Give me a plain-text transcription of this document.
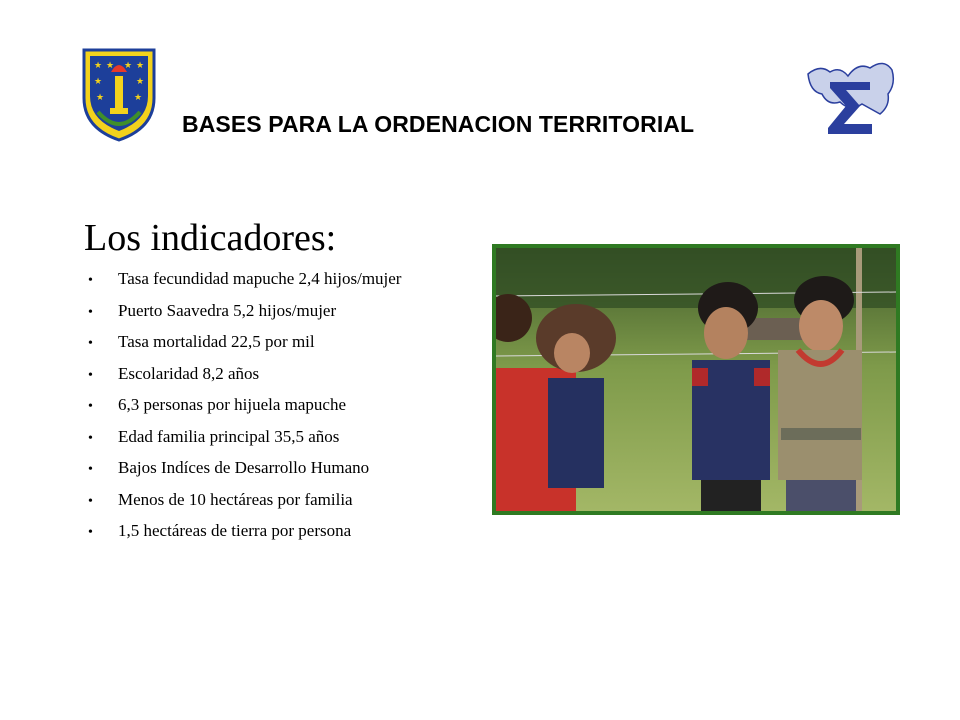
★	★
★	★
★	★
★ ★
BASES PARA LA ORDENACION TERRITORIAL
Los indicadores:
•	Tasa fecundidad mapuche 2,4 hijos/mujer
•	Puerto Saavedra 5,2 hijos/mujer
•	Tasa mortalidad 22,5 por mil
•	Escolaridad 8,2 años
•	6,3 personas por hijuela mapuche
•	Edad familia principal 35,5 años
•	Bajos Indíces de Desarrollo Humano
•	Menos de 10 hectáreas por familia
•	1,5 hectáreas de tierra por persona
